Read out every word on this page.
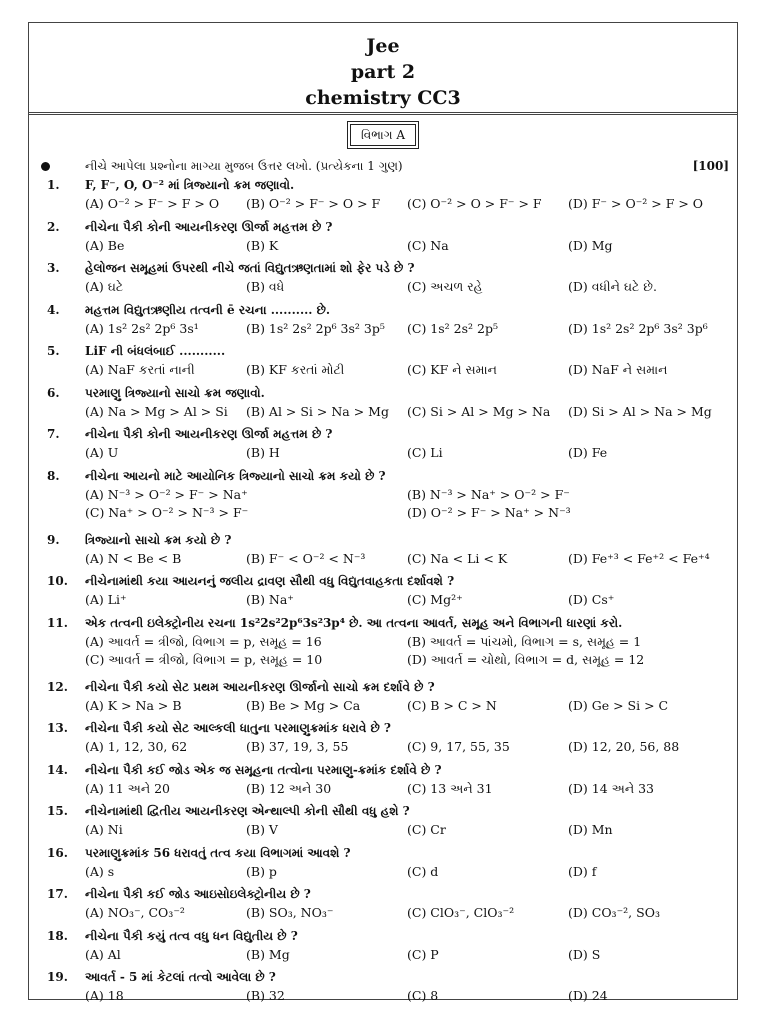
Jee
part 2
chemistry CC3
વિભાગ A
નીચે આપેલા પ્રશ્નોના માગ્યા મુજબ ઉત્તર લખો. (પ્રત્યેકના 1 ગુણ)	[100]
1.	F, F⁻, O, O⁻² માં ત્રિજ્યાનો ક્રમ જણાવો.
(A) O⁻² > F⁻ > F > O (B) O⁻² > F⁻ > O > F (C) O⁻² > O > F⁻ > F (D) F⁻ > O⁻² > F > O
2.	નીચેના પૈકી કોની આયનીકરણ ઊર્જા મહત્તમ છે ?
(A) Be	(B) K	(C) Na	(D) Mg
3.	હેલોજન સમૂહમાં ઉપરથી નીચે જતાં વિદ્યુતઋણતામાં શો ફેર પડે છે ?
(A) ઘટે	(B) વધે	(C) અચળ રહે	(D) વધીને ઘટે છે.
4.	મહત્તમ વિદ્યુતઋણીય તત્વની ē રચના .......... છે.
(A) 1s² 2s² 2p⁶ 3s¹	(B) 1s² 2s² 2p⁶ 3s² 3p⁵ (C) 1s² 2s² 2p⁵	(D) 1s² 2s² 2p⁶ 3s² 3p⁶
5.	LiF ની બંધલંબાઈ ...........
(A) NaF કરતાં નાની	(B) KF કરતાં મોટી	(C) KF ને સમાન	(D) NaF ને સમાન
6.	પરમાણુ ત્રિજ્યાનો સાચો ક્રમ જણાવો.
(A) Na > Mg > Al > Si (B) Al > Si > Na > Mg (C) Si > Al > Mg > Na (D) Si > Al > Na > Mg
7.	નીચેના પૈકી કોની આયનીકરણ ઊર્જા મહત્તમ છે ?
(A) U	(B) H	(C) Li	(D) Fe
8.	નીચેના આયનો માટે આયોનિક ત્રિજ્યાનો સાચો ક્રમ કયો છે ?
(A) N⁻³ > O⁻² > F⁻ > Na⁺	(B) N⁻³ > Na⁺ > O⁻² > F⁻
(C) Na⁺ > O⁻² > N⁻³ > F⁻	(D) O⁻² > F⁻ > Na⁺ > N⁻³
9.	ત્રિજ્યાનો સાચો ક્રમ કયો છે ?
(A) N < Be < B	(B) F⁻ < O⁻² < N⁻³	(C) Na < Li < K	(D) Fe⁺³ < Fe⁺² < Fe⁺⁴
10.	નીચેનામાંથી કયા આયનનું જલીય દ્રાવણ સૌથી વધુ વિદ્યુતવાહકતા દર્શાવશે ?
(A) Li⁺	(B) Na⁺	(C) Mg²⁺	(D) Cs⁺
11.	એક તત્વની ઇલેક્ટ્રોનીય રચના 1s²2s²2p⁶3s²3p⁴ છે. આ તત્વના આવર્ત, સમૂહ અને વિભાગની ધારણાં કરો.
(A) આવર્ત = ત્રીજો, વિભાગ = p, સમૂહ = 16	(B) આવર્ત = પાંચમો, વિભાગ = s, સમૂહ = 1
(C) આવર્ત = ત્રીજો, વિભાગ = p, સમૂહ = 10	(D) આવર્ત = ચોથો, વિભાગ = d, સમૂહ = 12
12.	નીચેના પૈકી કયો સેટ પ્રથમ આયનીકરણ ઊર્જાનો સાચો ક્રમ દર્શાવે છે ?
(A) K > Na > B	(B) Be > Mg > Ca	(C) B > C > N	(D) Ge > Si > C
13.	નીચેના પૈકી કયો સેટ આલ્કલી ધાતુના પરમાણુક્રમાંક ધરાવે છે ?
(A) 1, 12, 30, 62	(B) 37, 19, 3, 55	(C) 9, 17, 55, 35	(D) 12, 20, 56, 88
14.	નીચેના પૈકી કઈ જોડ એક જ સમૂહના તત્વોના પરમાણુ-ક્રમાંક દર્શાવે છે ?
(A) 11 અને 20	(B) 12 અને 30	(C) 13 અને 31	(D) 14 અને 33
15.	નીચેનામાંથી દ્વિતીય આયનીકરણ એન્થાલ્પી કોની સૌથી વધુ હશે ?
(A) Ni	(B) V	(C) Cr	(D) Mn
16.	પરમાણુક્રમાંક 56 ધરાવતું તત્વ કયા વિભાગમાં આવશે ?
(A) s	(B) p	(C) d	(D) f
17.	નીચેના પૈકી કઈ જોડ આઇસોઇલેક્ટ્રોનીય છે ?
(A) NO₃⁻, CO₃⁻²	(B) SO₃, NO₃⁻	(C) ClO₃⁻, ClO₃⁻²	(D) CO₃⁻², SO₃
18.	નીચેના પૈકી કયું તત્વ વધુ ધન વિદ્યુતીય છે ?
(A) Al	(B) Mg	(C) P	(D) S
19.	આવર્ત - 5 માં કેટલાં તત્વો આવેલા છે ?
(A) 18	(B) 32	(C) 8	(D) 24
